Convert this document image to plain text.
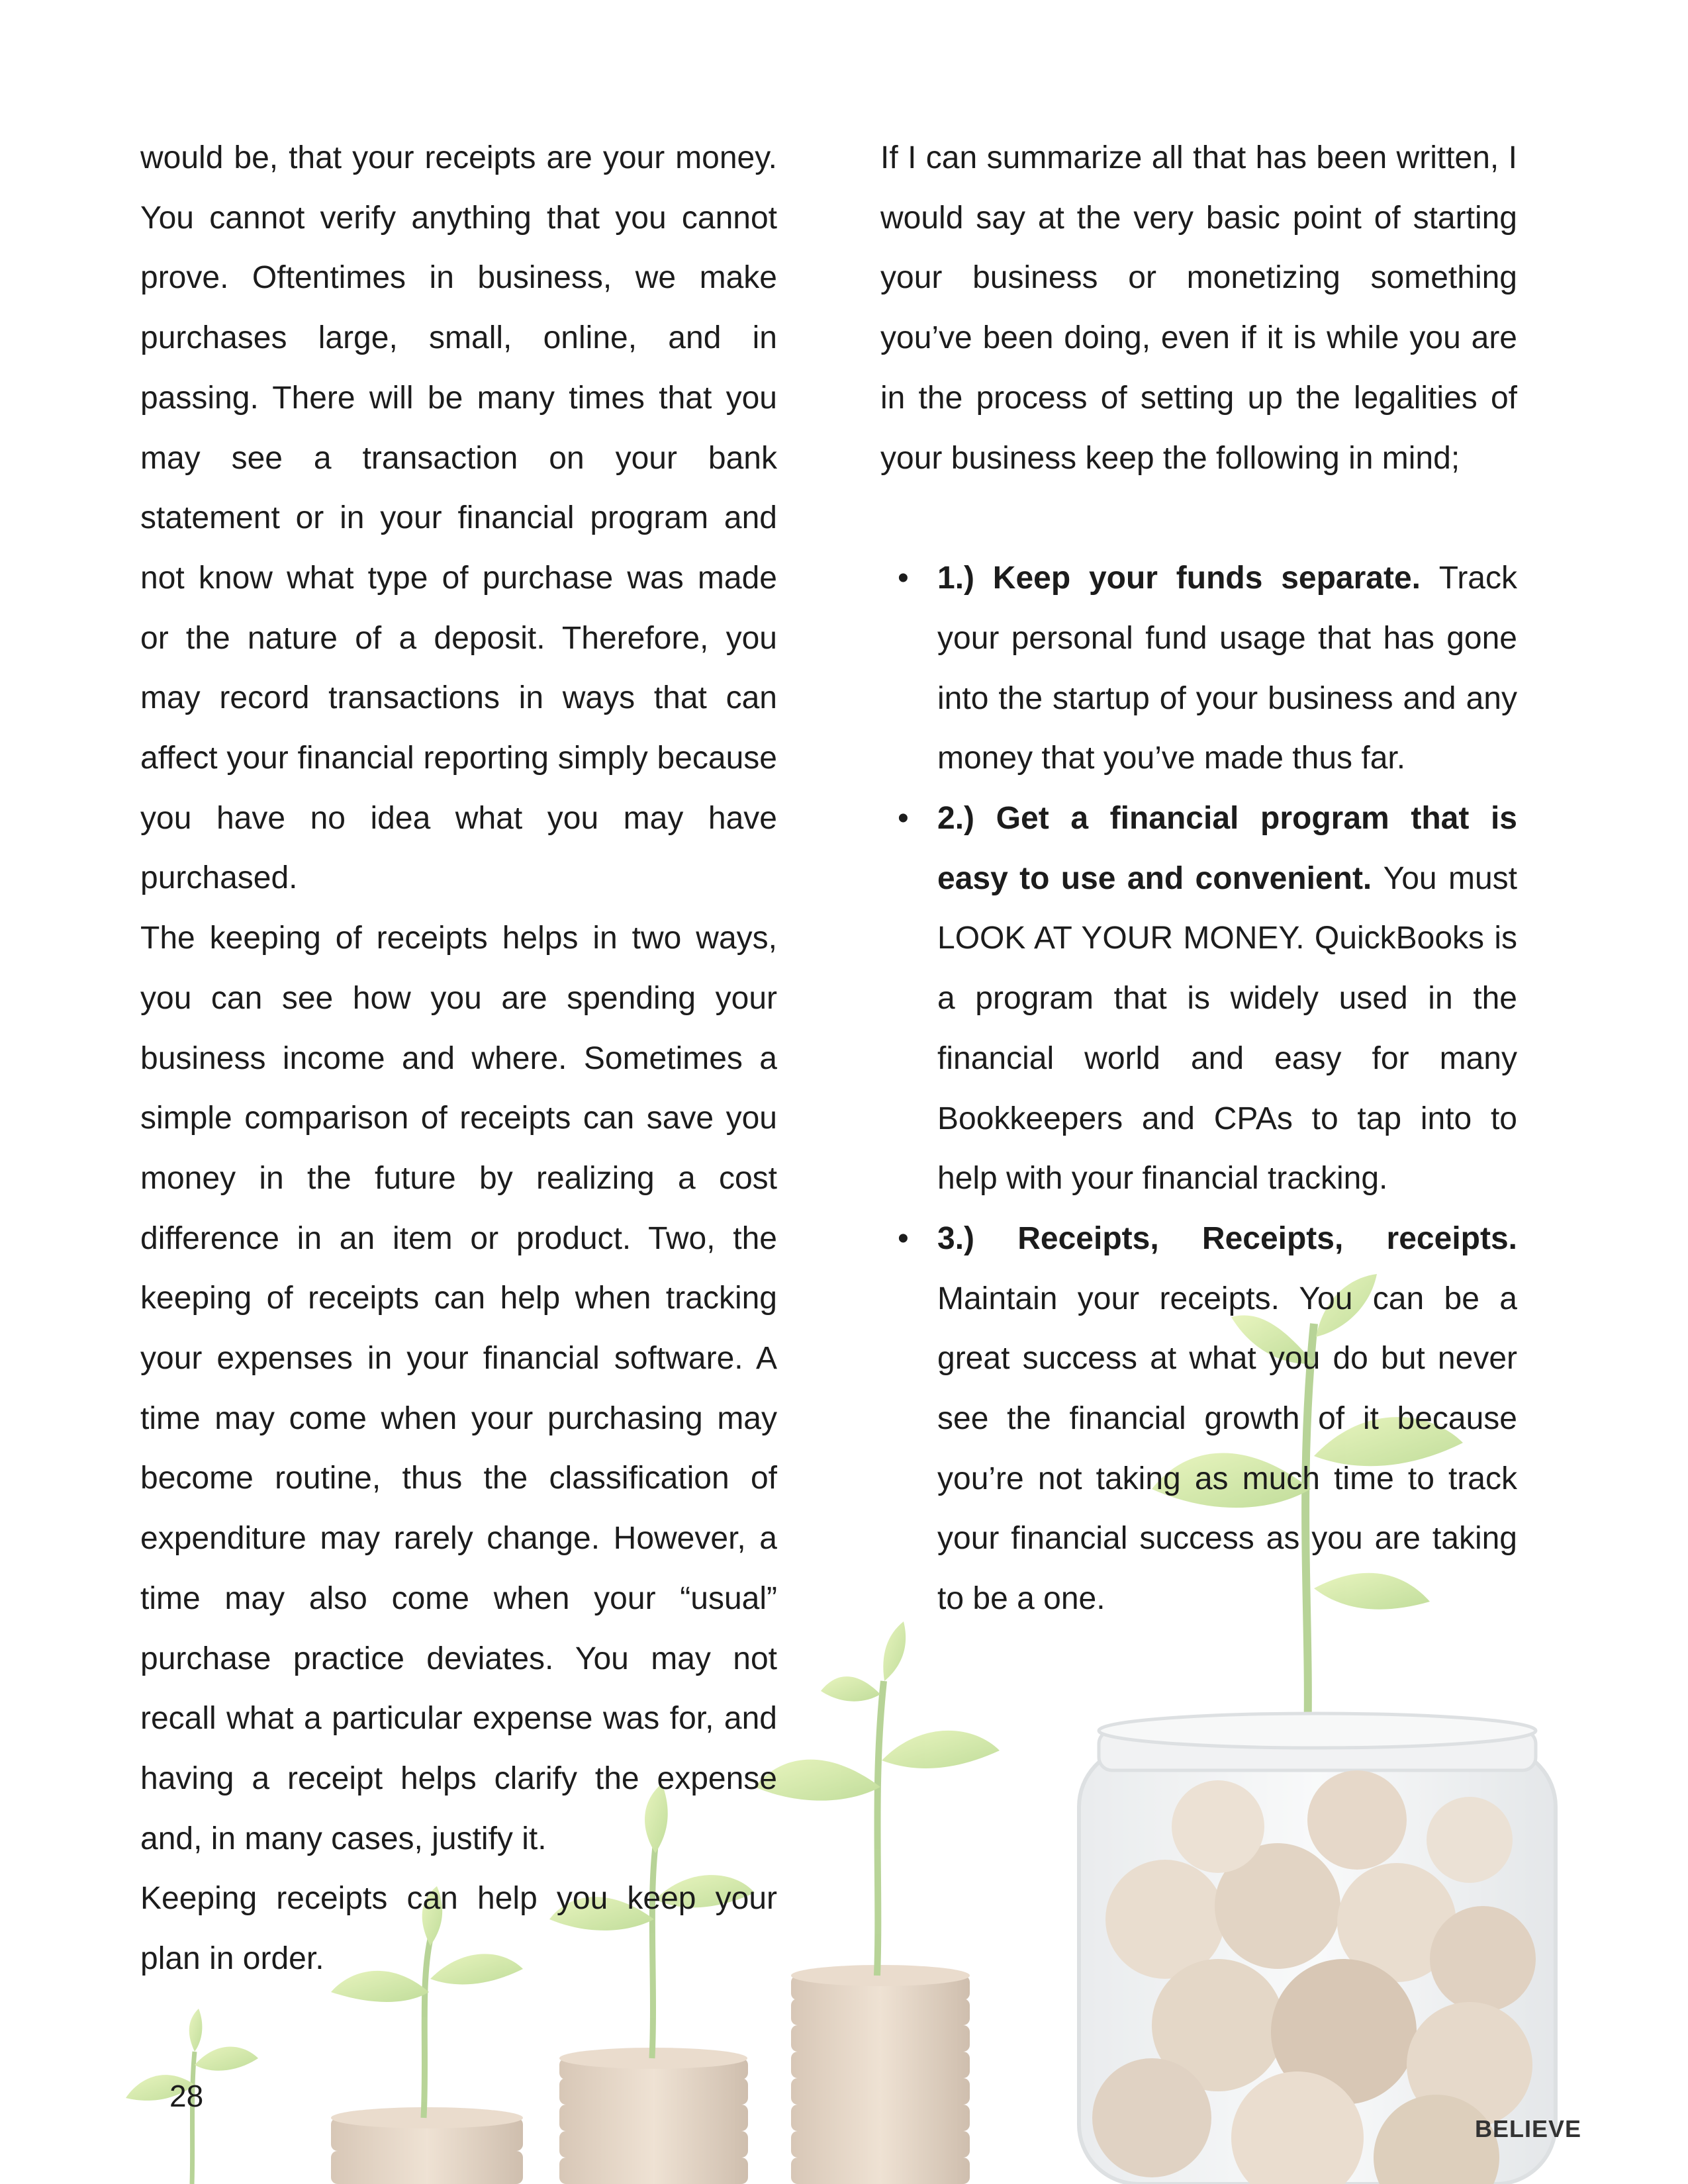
would be, that your receipts are your money. You cannot verify anything that you cannot prove. Oftentimes in business, we make purchases large, small, online, and in passing. There will be many times that you may see a transaction on your bank statement or in your financial program and not know what type of purchase was made or the nature of a deposit. Therefore, you may record transactions in ways that can affect your financial reporting simply because you have no idea what you may have purchased.

The keeping of receipts helps in two ways, you can see how you are spending your business income and where. Sometimes a simple comparison of receipts can save you money in the future by realizing a cost difference in an item or product. Two, the keeping of receipts can help when tracking your expenses in your financial software. A time may come when your purchasing may become routine, thus the classification of expenditure may rarely change. However, a time may also come when your “usual” purchase practice deviates. You may not recall what a particular expense was for, and having a receipt helps clarify the expense and, in many cases, justify it.

Keeping receipts can help you keep your plan in order.

If I can summarize all that has been written, I would say at the very basic point of starting your business or monetizing something you’ve been doing, even if it is while you are in the process of setting up the legalities of your business keep the following in mind;

• 1.) Keep your funds separate. Track your personal fund usage that has gone into the startup of your business and any money that you’ve made thus far.
• 2.) Get a financial program that is easy to use and convenient. You must LOOK AT YOUR MONEY. QuickBooks is a program that is widely used in the financial world and easy for many Bookkeepers and CPAs to tap into to help with your financial tracking.
• 3.) Receipts, Receipts, receipts. Maintain your receipts. You can be a great success at what you do but never see the financial growth of it because you’re not taking as much time to track your financial success as you are taking to be a one.
28
BELIEVE
